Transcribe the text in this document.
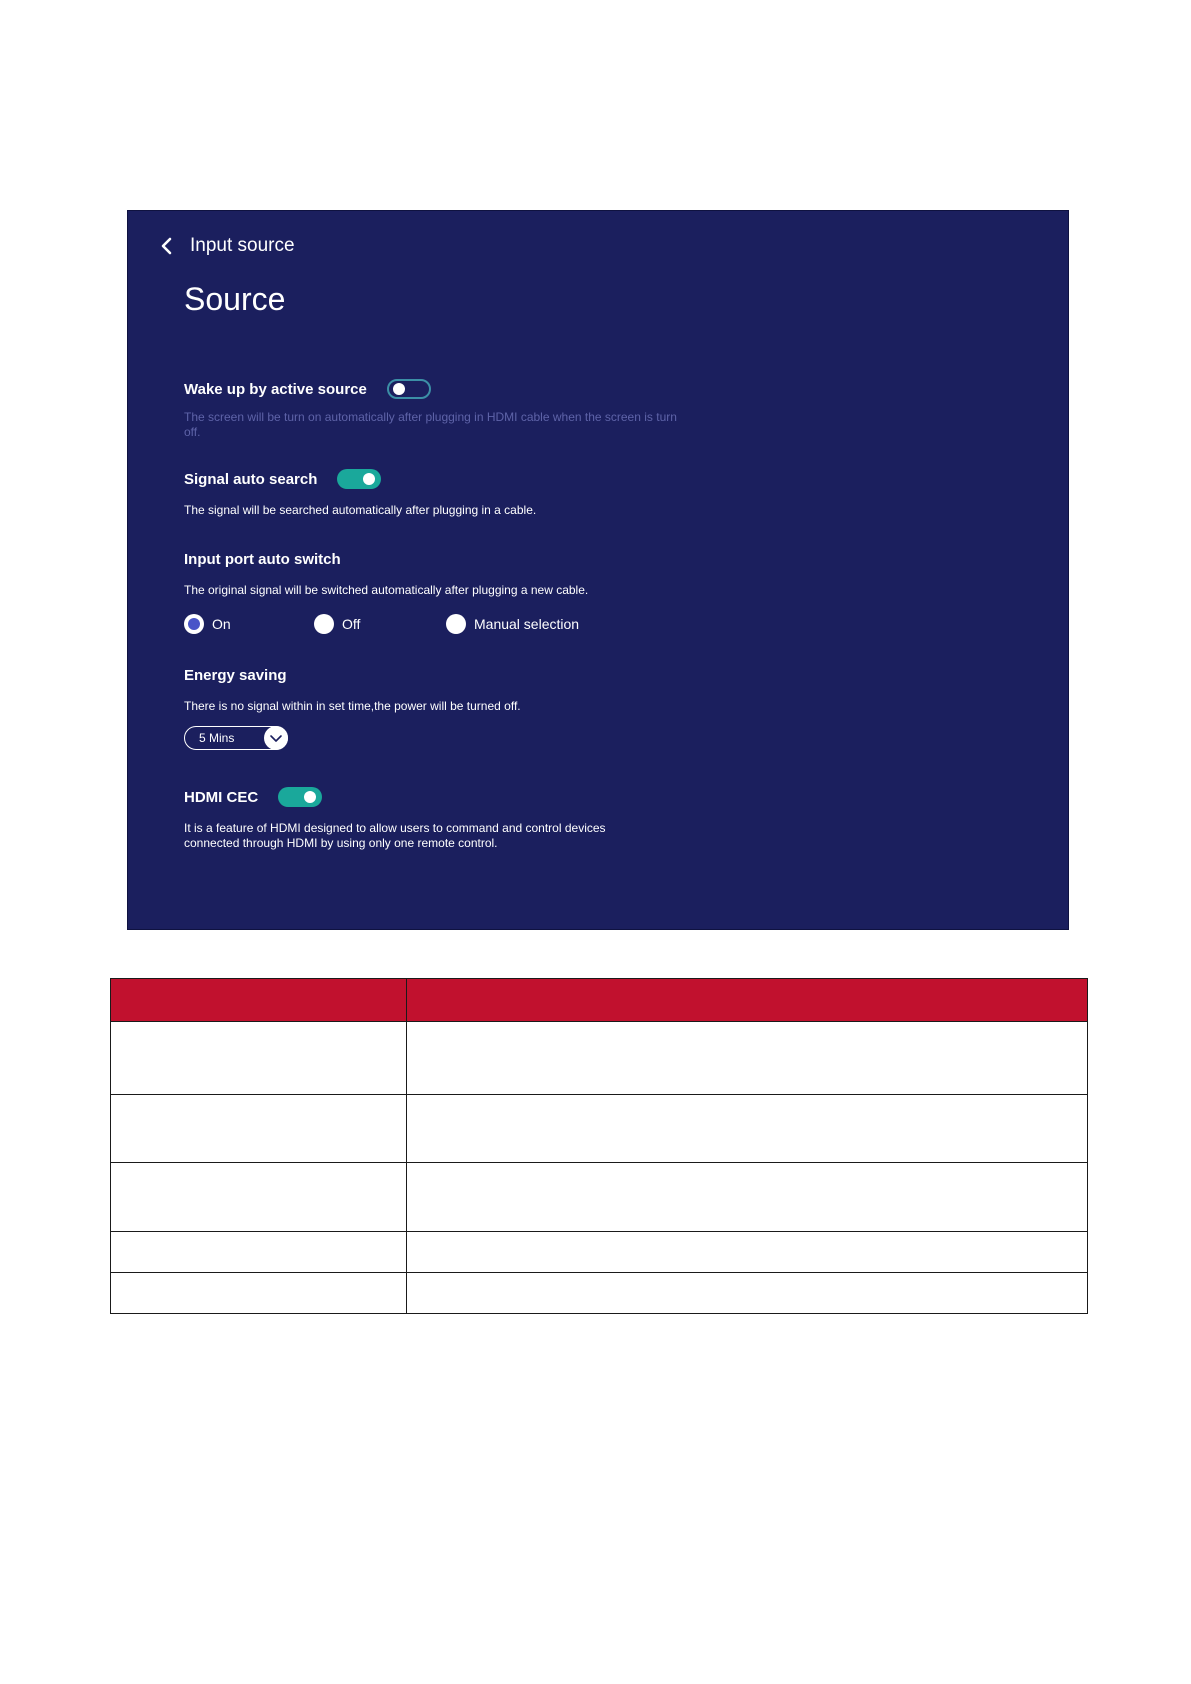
Input source
Source
Wake up by active source
The screen will be turn on automatically after plugging in HDMI cable when the screen is turn off.
Signal auto search
The signal will be searched automatically after plugging in a cable.
Input port auto switch
The original signal will be switched automatically after plugging a new cable.
On	Off	Manual selection
Energy saving
There is no signal within in set time,the power will be turned off.
5 Mins
HDMI CEC
It is a feature of HDMI designed to allow users to command and control devices connected through HDMI by using only one remote control.
